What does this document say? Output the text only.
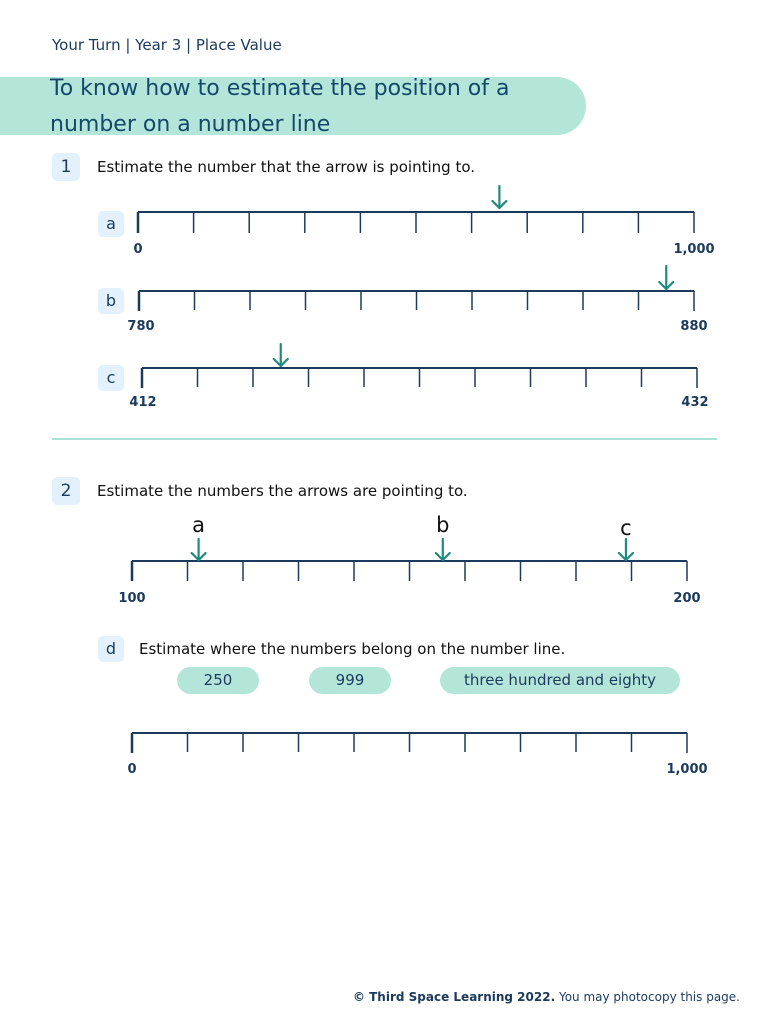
Your Turn | Year 3 | Place Value
To know how to estimate the position of a
number on a number line
1	Estimate the number that the arrow is pointing to.
a
b
c
0	1,000
780	880
412	432
100	200
a	b	c
0	1,000
2	Estimate the numbers the arrows are pointing to.
d	Estimate where the numbers belong on the number line.
250	999	three hundred and eighty
© Third Space Learning 2022. You may photocopy this page.
